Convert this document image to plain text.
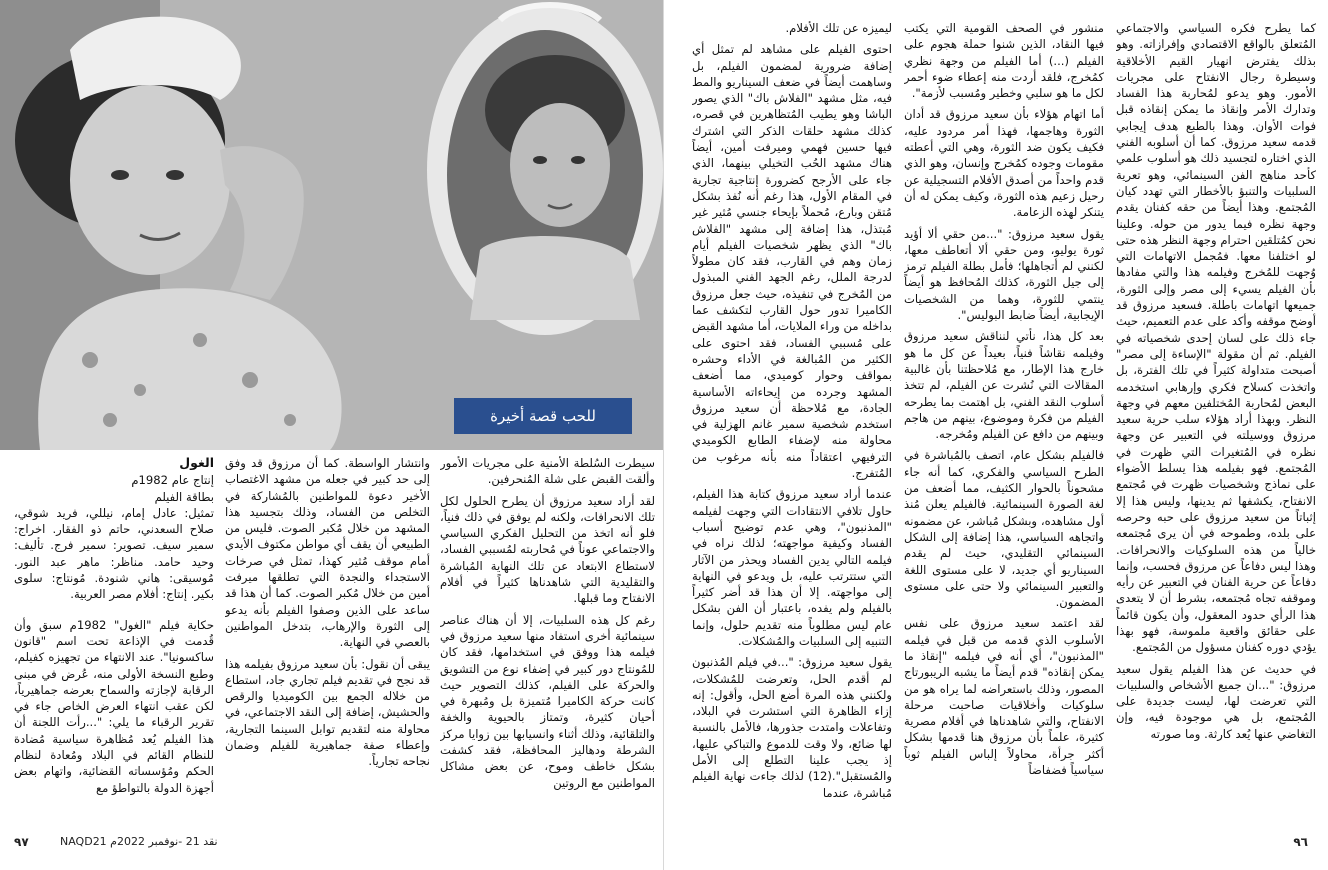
للحب قصة أخيرة

سيطرت السُلطة الأمنية على مجريات الأمور وألقت القبض على شلة المُنحرفين.

لقد أراد سعيد مرزوق أن يطرح الحلول لكل تلك الانحرافات، ولكنه لم يوفق في ذلك فنياً، فلو أنه اتخذ من التحليل الفكري السياسي والاجتماعي عوناً في مُحاربته لمُسببي الفساد، لاستطاع الابتعاد عن تلك النهاية المُباشرة والتقليدية التي شاهدناها كثيراً في أفلام الانفتاح وما قبلها.

رغم كل هذه السلبيات، إلا أن هناك عناصر سينمائية أخرى استفاد منها سعيد مرزوق في فيلمه هذا ووفق في استخدامها، فقد كان للمُونتاج دور كبير في إضفاء نوع من التشويق والحركة على الفيلم، كذلك التصوير حيث كانت حركة الكاميرا مُتميزة بل ومُبهرة في أحيان كثيرة، وتمتاز بالحيوية والخفة والتلقائية، وذلك أثناء وانسيابها بين زوايا مركز الشرطة ودهاليز المحافظة، فقد كشفت بشكل خاطف وموح، عن بعض مشاكل المواطنين مع الروتين

وانتشار الواسطة. كما أن مرزوق قد وفق إلى حد كبير في جعله من مشهد الاغتصاب الأخير دعوة للمواطنين بالمُشاركة في التخلص من الفساد، وذلك بتجسيد هذا المشهد من خلال مُكبر الصوت. فليس من الطبيعي أن يقف أي مواطن مكتوف الأيدي أمام موقف مُثير كهذا، تمثل في صرخات الاستجداء والنجدة التي تطلقها ميرفت أمين من خلال مُكبر الصوت. كما أن هذا قد ساعد على الذين وصفوا الفيلم بأنه يدعو إلى الثورة والإرهاب، بتدخل المواطنين بالعصي في النهاية.

يبقى أن نقول: بأن سعيد مرزوق بفيلمه هذا قد نجح في تقديم فيلم تجاري جاد، استطاع من خلاله الجمع بين الكوميديا والرقص والحشيش، إضافة إلى النقد الاجتماعي، في محاولة منه لتقديم توابل السينما التجارية، وإعطاء صفة جماهيرية للفيلم وضمان نجاحه تجارياً.

الغول
إنتاج عام 1982م
بطاقة الفيلم

تمثيل: عادل إمام، نيللي، فريد شوقي، صلاح السعدني، حاتم ذو الفقار. اخراج: سمير سيف. تصوير: سمير فرج. تأليف: وحيد حامد. مناظر: ماهر عبد النور. مُوسيقى: هاني شنودة. مُونتاج: سلوى بكير. إنتاج: أفلام مصر العربية.

حكاية فيلم "الغول" 1982م سبق وأن قُدمت في الإذاعة تحت اسم "قانون ساكسونيا". عند الانتهاء من تجهيزه كفيلم، وطبع النسخة الأولى منه، عُرض في مبنى الرقابة لإجازته والسماح بعرضه جماهيرياً، لكن عقب انتهاء العرض الخاص جاء في تقرير الرقباء ما يلي: "...رأت اللجنة أن هذا الفيلم يُعد مُظاهرة سياسية مُضادة للنظام القائم في البلاد ومُعادة لنظام الحكم ومُؤسساته القضائية، واتهام بعض أجهزة الدولة بالتواطؤ مع

٩٧	نقد 21 -نوفمبر 2022م NAQD21

ليميزه عن تلك الأفلام.

احتوى الفيلم على مشاهد لم تمثل أي إضافة ضرورية لمضمون الفيلم، بل وساهمت أيضاً في ضعف السيناريو والمط فيه، مثل مشهد "الفلاش باك" الذي يصور الباشا وهو يطيب المُتظاهرين في قصره، كذلك مشهد حلقات الذكر التي اشترك فيها حسين فهمي وميرفت أمين، أيضاً هناك مشهد الحُب التخيلي بينهما، الذي جاء على الأرجح كضرورة إنتاجية تجارية في المقام الأول، هذا رغم أنه نُفذ بشكل مُتقن وبارع، مُحملاً بإيحاء جنسي مُثير غير مُبتذل، هذا إضافة إلى مشهد "الفلاش باك" الذي يظهر شخصيات الفيلم أيام زمان وهم في القارب، فقد كان مطولاً لدرجة الملل، رغم الجهد الفني المبذول من المُخرج في تنفيذه، حيث جعل مرزوق الكاميرا تدور حول القارب لتكشف عما بداخله من وراء الملايات، أما مشهد القبض على مُسببي الفساد، فقد احتوى على الكثير من المُبالغة في الأداء وحشره بمواقف وحوار كوميدي، مما أضعف المشهد وجرده من إيحاءاته الأساسية الجادة، مع مُلاحظة أن سعيد مرزوق استخدم شخصية سمير غانم الهزلية في محاولة منه لإضفاء الطابع الكوميدي الترفيهي اعتقاداً منه بأنه مرغوب من المُتفرج.

عندما أراد سعيد مرزوق كتابة هذا الفيلم، حاول تلافي الانتقادات التي وجهت لفيلمه "المذنبون"، وهي عدم توضيح أسباب الفساد وكيفية مواجهته؛ لذلك نراه في فيلمه التالي يدين الفساد ويحذر من الآثار التي ستترتب عليه، بل ويدعو في النهاية إلى مواجهته. إلا أن هذا قد أضر كثيراً بالفيلم ولم يفده، باعتبار أن الفن بشكل عام ليس مطلوباً منه تقديم حلول، وإنما التنبيه إلى السلبيات والمُشكلات.

يقول سعيد مرزوق: "...في فيلم المُذنبون لم أقدم الحل، وتعرضت للمُشكلات، ولكنني هذه المرة أضع الحل، وأقول: إنه إزاء الظاهرة التي استشرت في البلاد، وتفاعلات وامتدت جذورها، فالأمل بالنسبة لها ضائع، ولا وقت للدموع والتباكي عليها، إذ يجب علينا التطلع إلى الأمل والمُستقبل".(12) لذلك جاءت نهاية الفيلم مُباشرة، عندما

منشور في الصحف القومية التي يكتب فيها النقاد، الذين شنوا حملة هجوم على الفيلم (...) أما الفيلم من وجهة نظري كمُخرج، فلقد أردت منه إعطاء ضوء أحمر لكل ما هو سلبي وخطير ومُسبب لأزمة".

أما اتهام هؤلاء بأن سعيد مرزوق قد أدان الثورة وهاجمها، فهذا أمر مردود عليه، فكيف يكون ضد الثورة، وهي التي أعطته مقومات وجوده كمُخرج وإنسان، وهو الذي قدم واحداً من أصدق الأفلام التسجيلية عن رحيل زعيم هذه الثورة، وكيف يمكن له أن يتنكر لهذه الزعامة.

يقول سعيد مرزوق: "...من حقي ألا أؤيد ثورة يوليو، ومن حقي ألا أتعاطف معها، لكنني لم أتجاهلها؛ فأمل بطلة الفيلم ترمز إلى جيل الثورة، كذلك المُحافظ هو أيضاً ينتمي للثورة، وهما من الشخصيات الإيجابية، أيضاً ضابط البوليس".

بعد كل هذا، نأتي لنناقش سعيد مرزوق وفيلمه نقاشاً فنياً، بعيداً عن كل ما هو خارج هذا الإطار، مع مُلاحظتنا بأن غالبية المقالات التي نُشرت عن الفيلم، لم تتخذ أسلوب النقد الفني، بل اهتمت بما يطرحه الفيلم من فكرة وموضوع، بينهم من هاجم وبينهم من دافع عن الفيلم ومُخرجه.

فالفيلم بشكل عام، اتصف بالمُباشرة في الطرح السياسي والفكري، كما أنه جاء مشحوناً بالحوار الكثيف، مما أضعف من لغة الصورة السينمائية. فالفيلم يعلن مُنذ أول مشاهده، وبشكل مُباشر، عن مضمونه واتجاهه السياسي، هذا إضافة إلى الشكل السينمائي التقليدي، حيث لم يقدم السيناريو أي جديد، لا على مستوى اللغة والتعبير السينمائي ولا حتى على مستوى المضمون.

لقد اعتمد سعيد مرزوق على نفس الأسلوب الذي قدمه من قبل في فيلمه "المذنبون"، أي أنه في فيلمه "إنقاذ ما يمكن إنقاذه" قدم أيضاً ما يشبه الريبورتاج المصور، وذلك باستعراضه لما يراه هو من سلوكيات وأخلاقيات صاحبت مرحلة الانفتاح، والتي شاهدناها في أفلام مصرية كثيرة، علماً بأن مرزوق هنا قدمها بشكل أكثر جرأة، محاولاً إلباس الفيلم ثوباً سياسياً فضفاضاً

كما يطرح فكره السياسي والاجتماعي المُتعلق بالواقع الاقتصادي وإفرازاته. وهو بذلك يفترض انهيار القيم الأخلاقية وسيطرة رجال الانفتاح على مجريات الأمور. وهو يدعو لمُحاربة هذا الفساد وتدارك الأمر وإنقاذ ما يمكن إنقاذه قبل فوات الأوان. وهذا بالطبع هدف إيجابي قدمه سعيد مرزوق. كما أن أسلوبه الفني الذي اختاره لتجسيد ذلك هو أسلوب علمي كأحد مناهج الفن السينمائي، وهو تعرية السلبيات والتنبؤ بالأخطار التي تهدد كيان المُجتمع. وهذا أيضاً من حقه كفنان يقدم وجهة نظره فيما يدور من حوله. وعلينا نحن كمُتلقين احترام وجهة النظر هذه حتى لو اختلفنا معها. فمُجمل الاتهامات التي وُجهت للمُخرج وفيلمه هذا والتي مفادها بأن الفيلم يسيء إلى مصر وإلى الثورة، جميعها اتهامات باطلة. فسعيد مرزوق قد أوضح موقفه وأكد على عدم التعميم، حيث جاء ذلك على لسان إحدى شخصياته في الفيلم. ثم أن مقولة "الإساءة إلى مصر" أصبحت متداولة كثيراً في تلك الفترة، بل واتخذت كسلاح فكري وإرهابي استخدمه البعض لمُحاربة المُختلفين معهم في وجهة النظر. وبهذا أراد هؤلاء سلب حرية سعيد مرزوق ووسيلته في التعبير عن وجهة نظره في المُتغيرات التي ظهرت في المُجتمع. فهو بفيلمه هذا يسلط الأضواء على نماذج وشخصيات ظهرت في مُجتمع الانفتاح، يكشفها ثم يدينها، وليس هذا إلا إثباتاً من سعيد مرزوق على حبه وحرصه على بلده، وطموحه في أن يرى مُجتمعه خالياً من هذه السلوكيات والانحرافات. وهذا ليس دفاعاً عن مرزوق فحسب، وإنما دفاعاً عن حرية الفنان في التعبير عن رأيه وموقفه تجاه مُجتمعه، بشرط أن لا يتعدى هذا الرأي حدود المعقول، وأن يكون قائماً على حقائق واقعية ملموسة، فهو بهذا يؤدي دوره كفنان مسؤول من المُجتمع.

في حديث عن هذا الفيلم يقول سعيد مرزوق: "...ان جميع الأشخاص والسلبيات التي تعرضت لها، ليست جديدة على المُجتمع، بل هي موجودة فيه، وإن التغاضي عنها يُعد كارثة. وما صورته

٩٦
